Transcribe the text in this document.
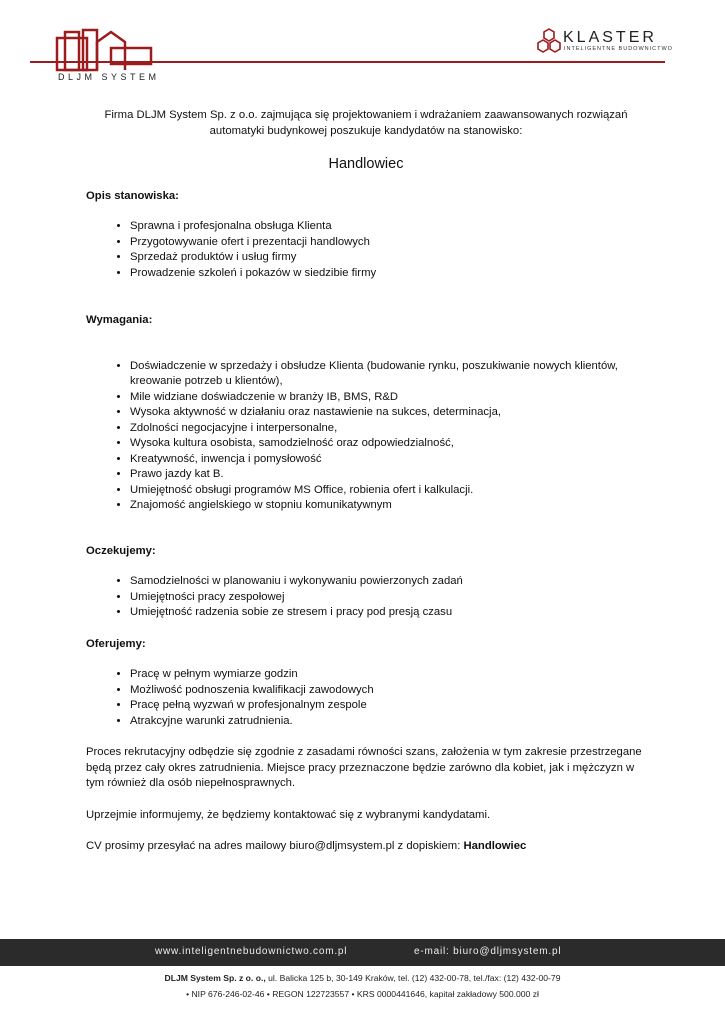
DLJM SYSTEM
KLASTER
INTELIGENTNE BUDOWNICTWO

Firma DLJM System Sp. z o.o. zajmująca się projektowaniem i wdrażaniem zaawansowanych rozwiązań automatyki budynkowej poszukuje kandydatów na stanowisko:

Handlowiec

Opis stanowiska:

• Sprawna i profesjonalna obsługa Klienta
• Przygotowywanie ofert i prezentacji handlowych
• Sprzedaż produktów i usług firmy
• Prowadzenie szkoleń i pokazów w siedzibie firmy

Wymagania:

• Doświadczenie w sprzedaży i obsłudze Klienta (budowanie rynku, poszukiwanie nowych klientów, kreowanie potrzeb u klientów),
• Mile widziane doświadczenie w branży IB, BMS, R&D
• Wysoka aktywność w działaniu oraz nastawienie na sukces, determinacja,
• Zdolności negocjacyjne i interpersonalne,
• Wysoka kultura osobista, samodzielność oraz odpowiedzialność,
• Kreatywność, inwencja i pomysłowość
• Prawo jazdy kat B.
• Umiejętność obsługi programów MS Office, robienia ofert i kalkulacji.
• Znajomość angielskiego w stopniu komunikatywnym

Oczekujemy:

• Samodzielności w planowaniu i wykonywaniu powierzonych zadań
• Umiejętności pracy zespołowej
• Umiejętność radzenia sobie ze stresem i pracy pod presją czasu

Oferujemy:

• Pracę w pełnym wymiarze godzin
• Możliwość podnoszenia kwalifikacji zawodowych
• Pracę pełną wyzwań w profesjonalnym zespole
• Atrakcyjne warunki zatrudnienia.

Proces rekrutacyjny odbędzie się zgodnie z zasadami równości szans, założenia w tym zakresie przestrzegane będą przez cały okres zatrudnienia. Miejsce pracy przeznaczone będzie zarówno dla kobiet, jak i mężczyzn w tym również dla osób niepełnosprawnych.

Uprzejmie informujemy, że będziemy kontaktować się z wybranymi kandydatami.

CV prosimy przesyłać na adres mailowy biuro@dljmsystem.pl z dopiskiem: Handlowiec

www.inteligentnebudownictwo.com.pl	e-mail: biuro@dljmsystem.pl
DLJM System Sp. z o. o., ul. Balicka 125 b, 30-149 Kraków, tel. (12) 432-00-78, tel./fax: (12) 432-00-79
• NIP 676-246-02-46 • REGON 122723557 • KRS 0000441646, kapitał zakładowy 500.000 zł
